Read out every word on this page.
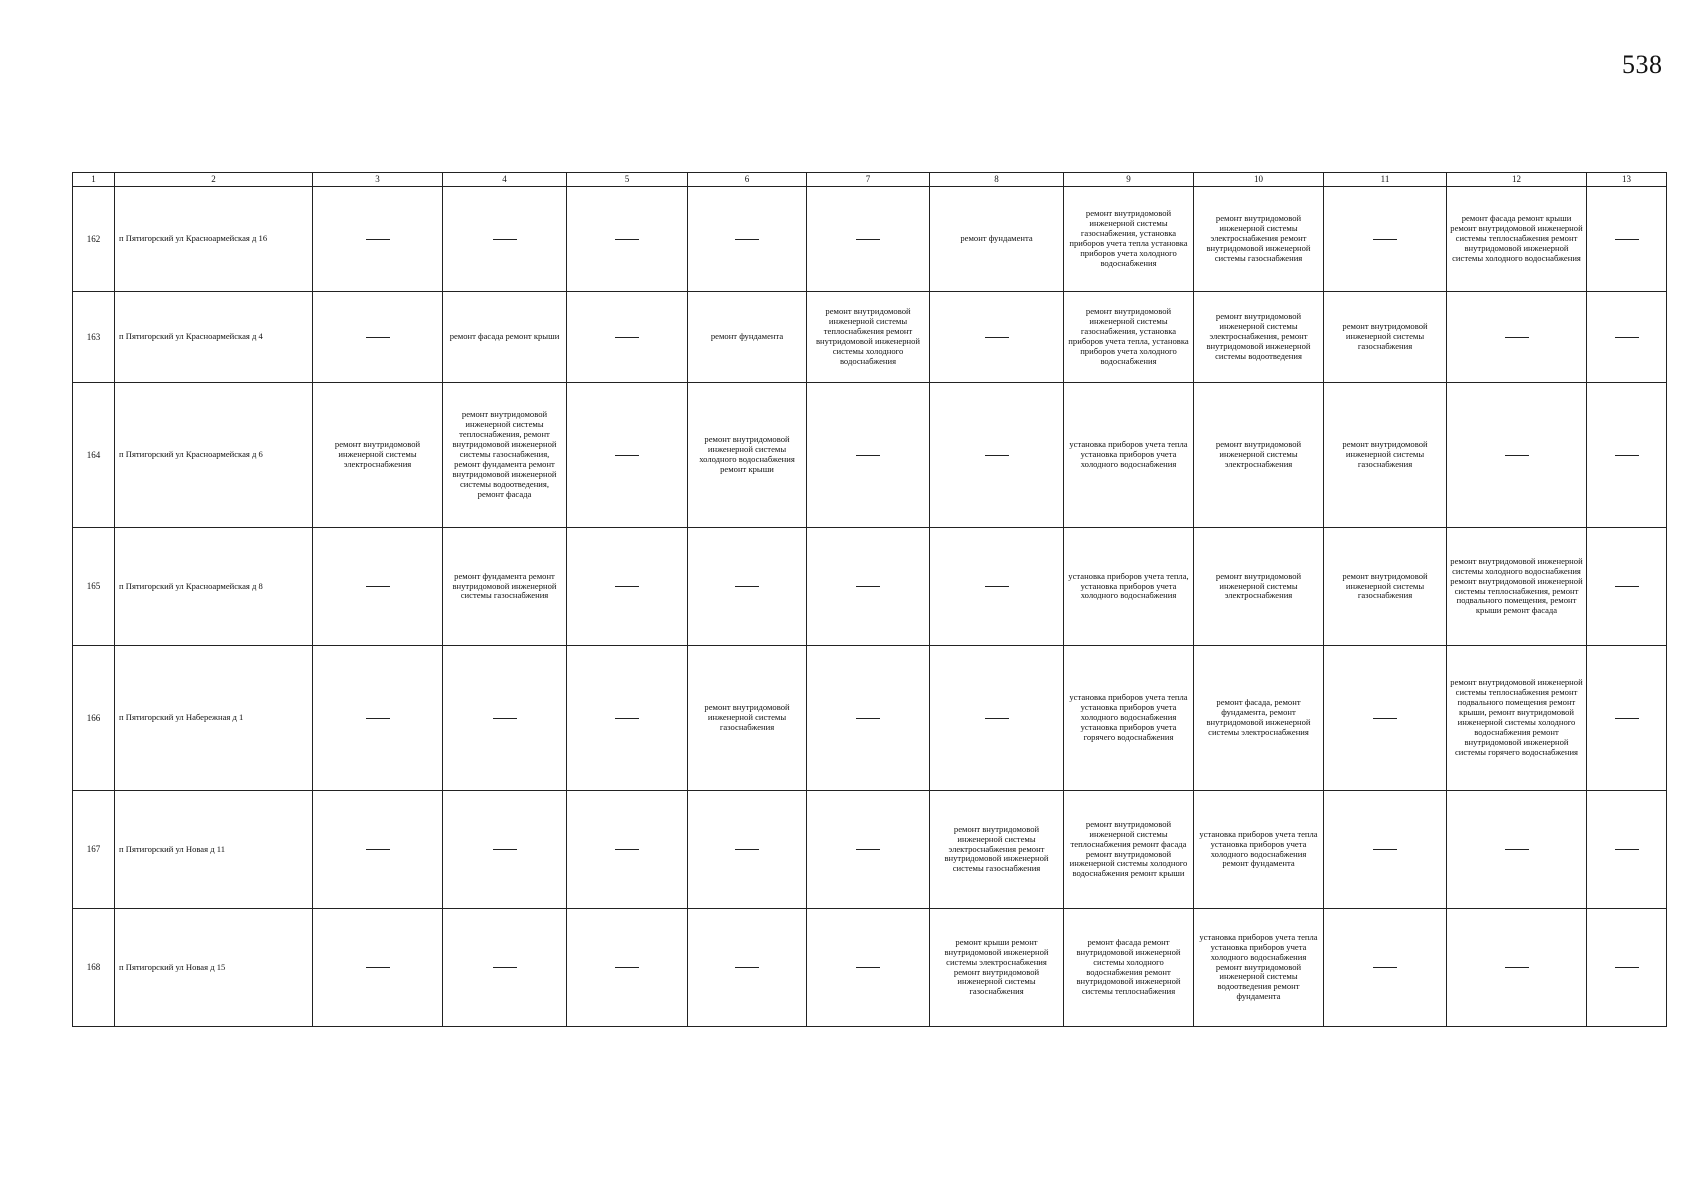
538
1	2	3	4	5	6	7	8	9	10	11	12	13
162	п Пятигорский ул Красноармейская д 16						ремонт фундамента	ремонт внутридомовой инженерной системы газоснабжения, установка приборов учета тепла установка приборов учета холодного водоснабжения	ремонт внутридомовой инженерной системы электроснабжения ремонт внутридомовой инженерной системы газоснабжения		ремонт фасада ремонт крыши ремонт внутридомовой инженерной системы теплоснабжения ремонт внутридомовой инженерной системы холодного водоснабжения	
163	п Пятигорский ул Красноармейская д 4		ремонт фасада ремонт крыши		ремонт фундамента	ремонт внутридомовой инженерной системы теплоснабжения ремонт внутридомовой инженерной системы холодного водоснабжения		ремонт внутридомовой инженерной системы газоснабжения, установка приборов учета тепла, установка приборов учета холодного водоснабжения	ремонт внутридомовой инженерной системы электроснабжения, ремонт внутридомовой инженерной системы водоотведения	ремонт внутридомовой инженерной системы газоснабжения		
164	п Пятигорский ул Красноармейская д 6	ремонт внутридомовой инженерной системы электроснабжения	ремонт внутридомовой инженерной системы теплоснабжения, ремонт внутридомовой инженерной системы газоснабжения, ремонт фундамента ремонт внутридомовой инженерной системы водоотведения, ремонт фасада		ремонт внутридомовой инженерной системы холодного водоснабжения ремонт крыши			установка приборов учета тепла установка приборов учета холодного водоснабжения	ремонт внутридомовой инженерной системы электроснабжения	ремонт внутридомовой инженерной системы газоснабжения		
165	п Пятигорский ул Красноармейская д 8		ремонт фундамента ремонт внутридомовой инженерной системы газоснабжения					установка приборов учета тепла, установка приборов учета холодного водоснабжения	ремонт внутридомовой инженерной системы электроснабжения	ремонт внутридомовой инженерной системы газоснабжения	ремонт внутридомовой инженерной системы холодного водоснабжения ремонт внутридомовой инженерной системы теплоснабжения, ремонт подвального помещения, ремонт крыши ремонт фасада	
166	п Пятигорский ул Набережная д 1				ремонт внутридомовой инженерной системы газоснабжения			установка приборов учета тепла установка приборов учета холодного водоснабжения установка приборов учета горячего водоснабжения	ремонт фасада, ремонт фундамента, ремонт внутридомовой инженерной системы электроснабжения		ремонт внутридомовой инженерной системы теплоснабжения ремонт подвального помещения ремонт крыши, ремонт внутридомовой инженерной системы холодного водоснабжения ремонт внутридомовой инженерной системы горячего водоснабжения	
167	п Пятигорский ул Новая д 11						ремонт внутридомовой инженерной системы электроснабжения ремонт внутридомовой инженерной системы газоснабжения	ремонт внутридомовой инженерной системы теплоснабжения ремонт фасада ремонт внутридомовой инженерной системы холодного водоснабжения ремонт крыши	установка приборов учета тепла установка приборов учета холодного водоснабжения ремонт фундамента			
168	п Пятигорский ул Новая д 15						ремонт крыши ремонт внутридомовой инженерной системы электроснабжения ремонт внутридомовой инженерной системы газоснабжения	ремонт фасада ремонт внутридомовой инженерной системы холодного водоснабжения ремонт внутридомовой инженерной системы теплоснабжения	установка приборов учета тепла установка приборов учета холодного водоснабжения ремонт внутридомовой инженерной системы водоотведения ремонт фундамента			
